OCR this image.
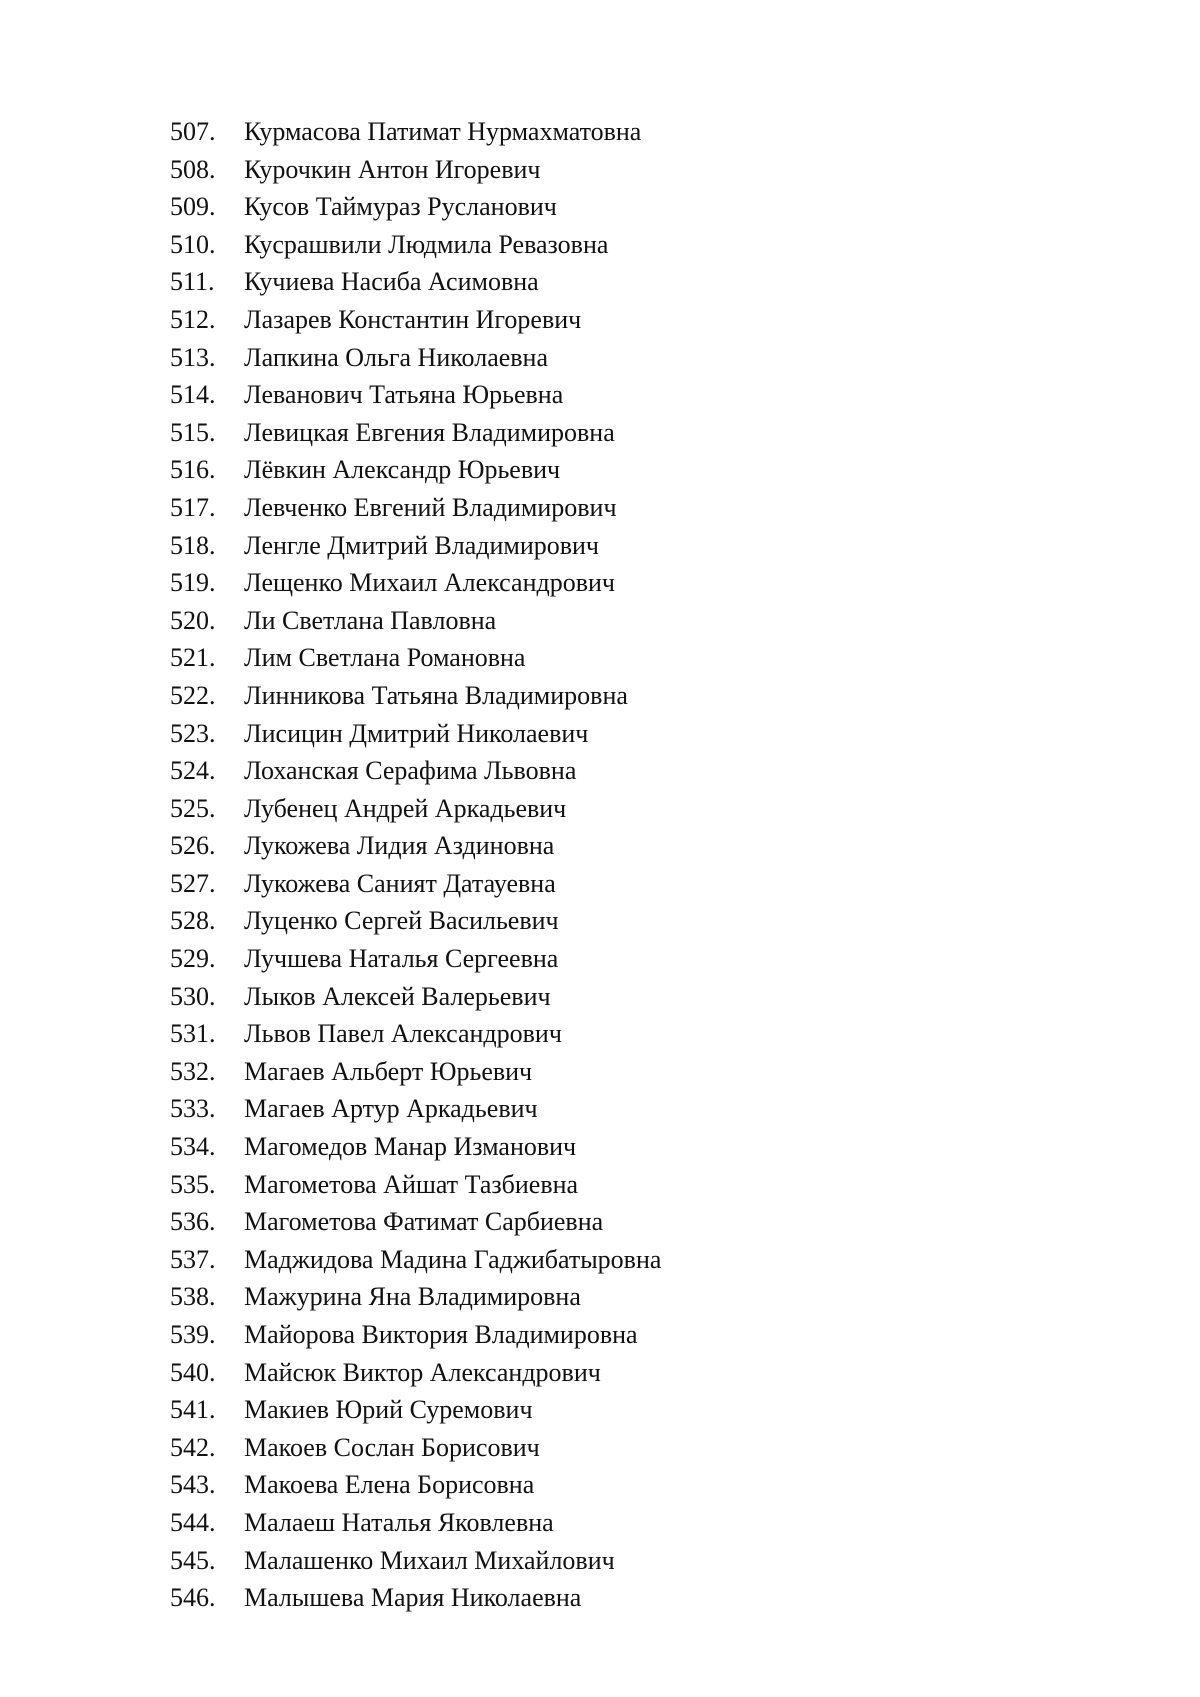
507. Курмасова Патимат Нурмахматовна
508. Курочкин Антон Игоревич
509. Кусов Таймураз Русланович
510. Кусрашвили Людмила Ревазовна
511. Кучиева Насиба Асимовна
512. Лазарев Константин Игоревич
513. Лапкина Ольга Николаевна
514. Леванович Татьяна Юрьевна
515. Левицкая Евгения Владимировна
516. Лёвкин Александр Юрьевич
517. Левченко Евгений Владимирович
518. Ленгле Дмитрий Владимирович
519. Лещенко Михаил Александрович
520. Ли Светлана Павловна
521. Лим Светлана Романовна
522. Линникова Татьяна Владимировна
523. Лисицин Дмитрий Николаевич
524. Лоханская Серафима Львовна
525. Лубенец Андрей Аркадьевич
526. Лукожева Лидия Аздиновна
527. Лукожева Саният Датауевна
528. Луценко Сергей Васильевич
529. Лучшева Наталья Сергеевна
530. Лыков Алексей Валерьевич
531. Львов Павел Александрович
532. Магаев Альберт Юрьевич
533. Магаев Артур Аркадьевич
534. Магомедов Манар Изманович
535. Магометова Айшат Тазбиевна
536. Магометова Фатимат Сарбиевна
537. Маджидова Мадина Гаджибатыровна
538. Мажурина Яна Владимировна
539. Майорова Виктория Владимировна
540. Майсюк Виктор Александрович
541. Макиев Юрий Суремович
542. Макоев Сослан Борисович
543. Макоева Елена Борисовна
544. Малаеш Наталья Яковлевна
545. Малашенко Михаил Михайлович
546. Малышева Мария Николаевна
